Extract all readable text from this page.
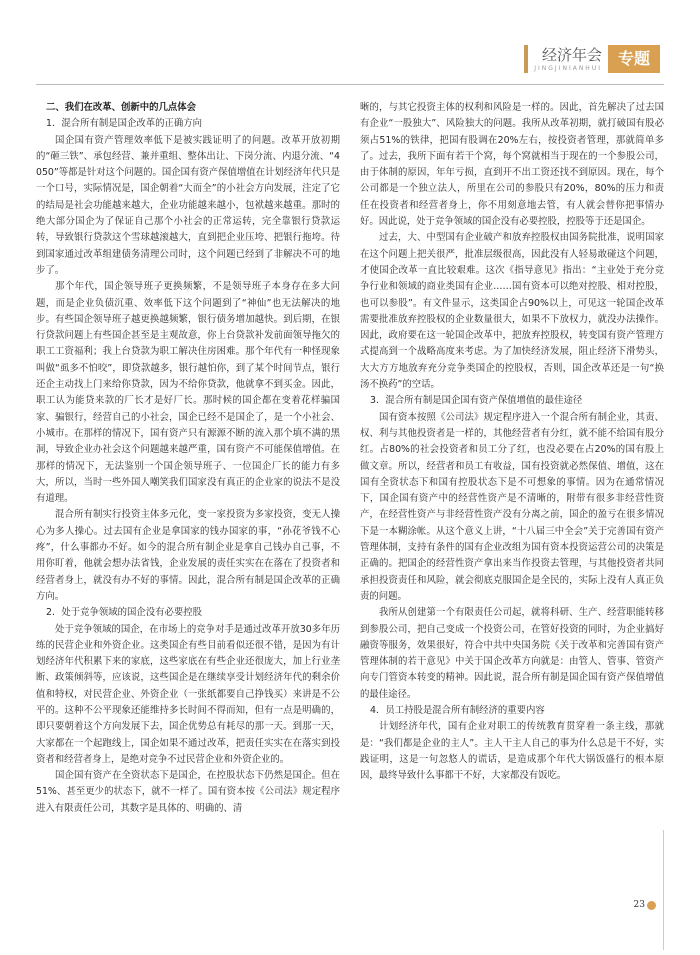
经济年会
JINGJINIANHUI
专题

二、我们在改革、创新中的几点体会

1．混合所有制是国企改革的正确方向

国企国有资产管理效率低下是被实践证明了的问题。改革开放初期的“砸三铁”、承包经营、兼并重组、整体出让、下岗分流、内退分流、“4050”等都是针对这个问题的。国企国有资产保值增值在计划经济年代只是一个口号，实际情况是，国企朝着“大而全”的小社会方向发展，注定了它的结局是社会功能越来越大，企业功能越来越小，包袱越来越重。那时的绝大部分国企为了保证自己那个小社会的正常运转，完全靠银行贷款运转，导致银行贷款这个雪球越滚越大，直到把企业压垮、把银行拖垮。待到国家通过改革组建债务清理公司时，这个问题已经到了非解决不可的地步了。

那个年代，国企领导班子更换频繁，不是领导班子本身存在多大问题，而是企业负债沉重、效率低下这个问题到了“神仙”也无法解决的地步。有些国企领导班子越更换越频繁，银行债务增加越快。到后期，在银行贷款问题上有些国企甚至是主观故意，你上台贷款补发前面领导拖欠的职工工资福利；我上台贷款为职工解决住房困难。那个年代有一种怪现象叫做“虱多不怕咬”，即贷款越多，银行越怕你，到了某个时间节点，银行还企主动找上门来给你贷款，因为不给你贷款，他就拿不到买金。因此，职工认为能贷来款的厂长才是好厂长。那时候的国企都在变着花样骗国家、骗银行，经营自己的小社会，国企已经不是国企了，是一个小社会、小城市。在那样的情况下，国有资产只有源源不断的流入那个填不满的黑洞，导致企业办社会这个问题越来越严重，国有资产不可能保值增值。在那样的情况下，无法鉴别一个国企领导班子、一位国企厂长的能力有多大，所以，当时一些外国人嘲笑我们国家没有真正的企业家的说法不是没有道理。

混合所有制实行投资主体多元化，变一家投资为多家投资，变无人操心为多人操心。过去国有企业是拿国家的钱办国家的事，“孙花爷钱不心疼”，什么事都办不好。如今的混合所有制企业是拿自己钱办自己事，不用你盯着，他就会想办法省钱，企业发展的责任实实在在落在了投资者和经营者身上，就没有办不好的事情。因此，混合所有制是国企改革的正确方向。

2．处于竞争领域的国企没有必要控股

处于竞争领域的国企，在市场上的竞争对手是通过改革开放30多年历练的民营企业和外资企业。这类国企有些目前看似还很不错，是因为有计划经济年代积累下来的家底，这些家底在有些企业还很庞大，加上行业垄断、政策倾斜等，应该说，这些国企是在继续享受计划经济年代的剩余价值和特权，对民营企业、外资企业（一张纸都要自己挣钱买）来讲是不公平的。这种不公平现象还能维持多长时间不得而知，但有一点是明确的，即只要朝着这个方向发展下去，国企优势总有耗尽的那一天。到那一天，大家都在一个起跑线上，国企如果不通过改革，把责任实实在在落实到投资者和经营者身上，是绝对竞争不过民营企业和外资企业的。

国企国有资产在全资状态下是国企，在控股状态下仍然是国企。但在51%、甚至更少的状态下，就不一样了。国有资本按《公司法》规定程序进入有限责任公司，其数字是具体的、明确的、清

晰的，与其它投资主体的权利和风险是一样的。因此，首先解决了过去国有企业“一股独大”、风险独大的问题。我所从改革初期，就打破国有股必须占51%的铁律，把国有股调在20%左右，按投资者管理，那就简单多了。过去，我所下面有若干个窝，每个窝就相当于现在的一个参股公司，由于体制的原因，年年亏损，直到开不出工资还找不到原因。现在，每个公司都是一个独立法人，所里在公司的参股只有20%，80%的压力和责任在投资者和经营者身上，你不用刻意地去管，有人就会替你把事情办好。因此说，处于竞争领域的国企没有必要控股，控股等于还是国企。

过去，大、中型国有企业破产和放弃控股权由国务院批准，说明国家在这个问题上把关很严，批准层级很高，因此没有人轻易敢碰这个问题，才使国企改革一直比较艰难。这次《指导意见》指出：“主业处于充分竞争行业和领域的商业类国有企业……国有资本可以绝对控股、相对控股，也可以参股”。有文件显示，这类国企占90%以上，可见这一轮国企改革需要批准放弃控股权的企业数量很大，如果不下放权力，就没办法操作。因此，政府要在这一轮国企改革中，把放弃控股权，转变国有资产管理方式提高到一个战略高度来考虑。为了加快经济发展，阻止经济下滑势头，大大方方地放弃充分竞争类国企的控股权，否则，国企改革还是一句“换汤不换药”的空话。

3．混合所有制是国企国有资产保值增值的最佳途径

国有资本按照《公司法》规定程序进入一个混合所有制企业，其责、权、利与其他投资者是一样的，其他经营者有分红，就不能不给国有股分红。占80%的社会投资者和员工分了红，也没必要在占20%的国有股上做文章。所以，经营者和员工有收益，国有投资就必然保值、增值，这在国有全资状态下和国有控股状态下是不可想象的事情。因为在通常情况下，国企国有资产中的经营性资产是不清晰的，附带有很多非经营性资产，在经营性资产与非经营性资产没有分离之前，国企的盈亏在很多情况下是一本糊涂帐。从这个意义上讲，“十八届三中全会”关于完善国有资产管理体制，支持有条件的国有企业改组为国有资本投资运营公司的决策是正确的。把国企的经营性资产拿出来当作投资去管理，与其他投资者共同承担投资责任和风险，就会彻底克服国企是全民的，实际上没有人真正负责的问题。

我所从创建第一个有限责任公司起，就将科研、生产、经营职能转移到参股公司，把自己变成一个投资公司，在管好投资的同时，为企业搞好融资等服务，效果很好，符合中共中央国务院《关于改革和完善国有资产管理体制的若干意见》中关于国企改革方向就是：由管人、管事、管资产向专门管资本转变的精神。因此说，混合所有制是国企国有资产保值增值的最佳途径。

4．员工持股是混合所有制经济的重要内容

计划经济年代，国有企业对职工的传统教育贯穿着一条主线，那就是：“我们都是企业的主人”。主人干主人自己的事为什么总是干不好，实践证明，这是一句忽悠人的谎话，是造成那个年代大锅饭盛行的根本原因，最终导致什么事都干不好，大家都没有饭吃。

23
